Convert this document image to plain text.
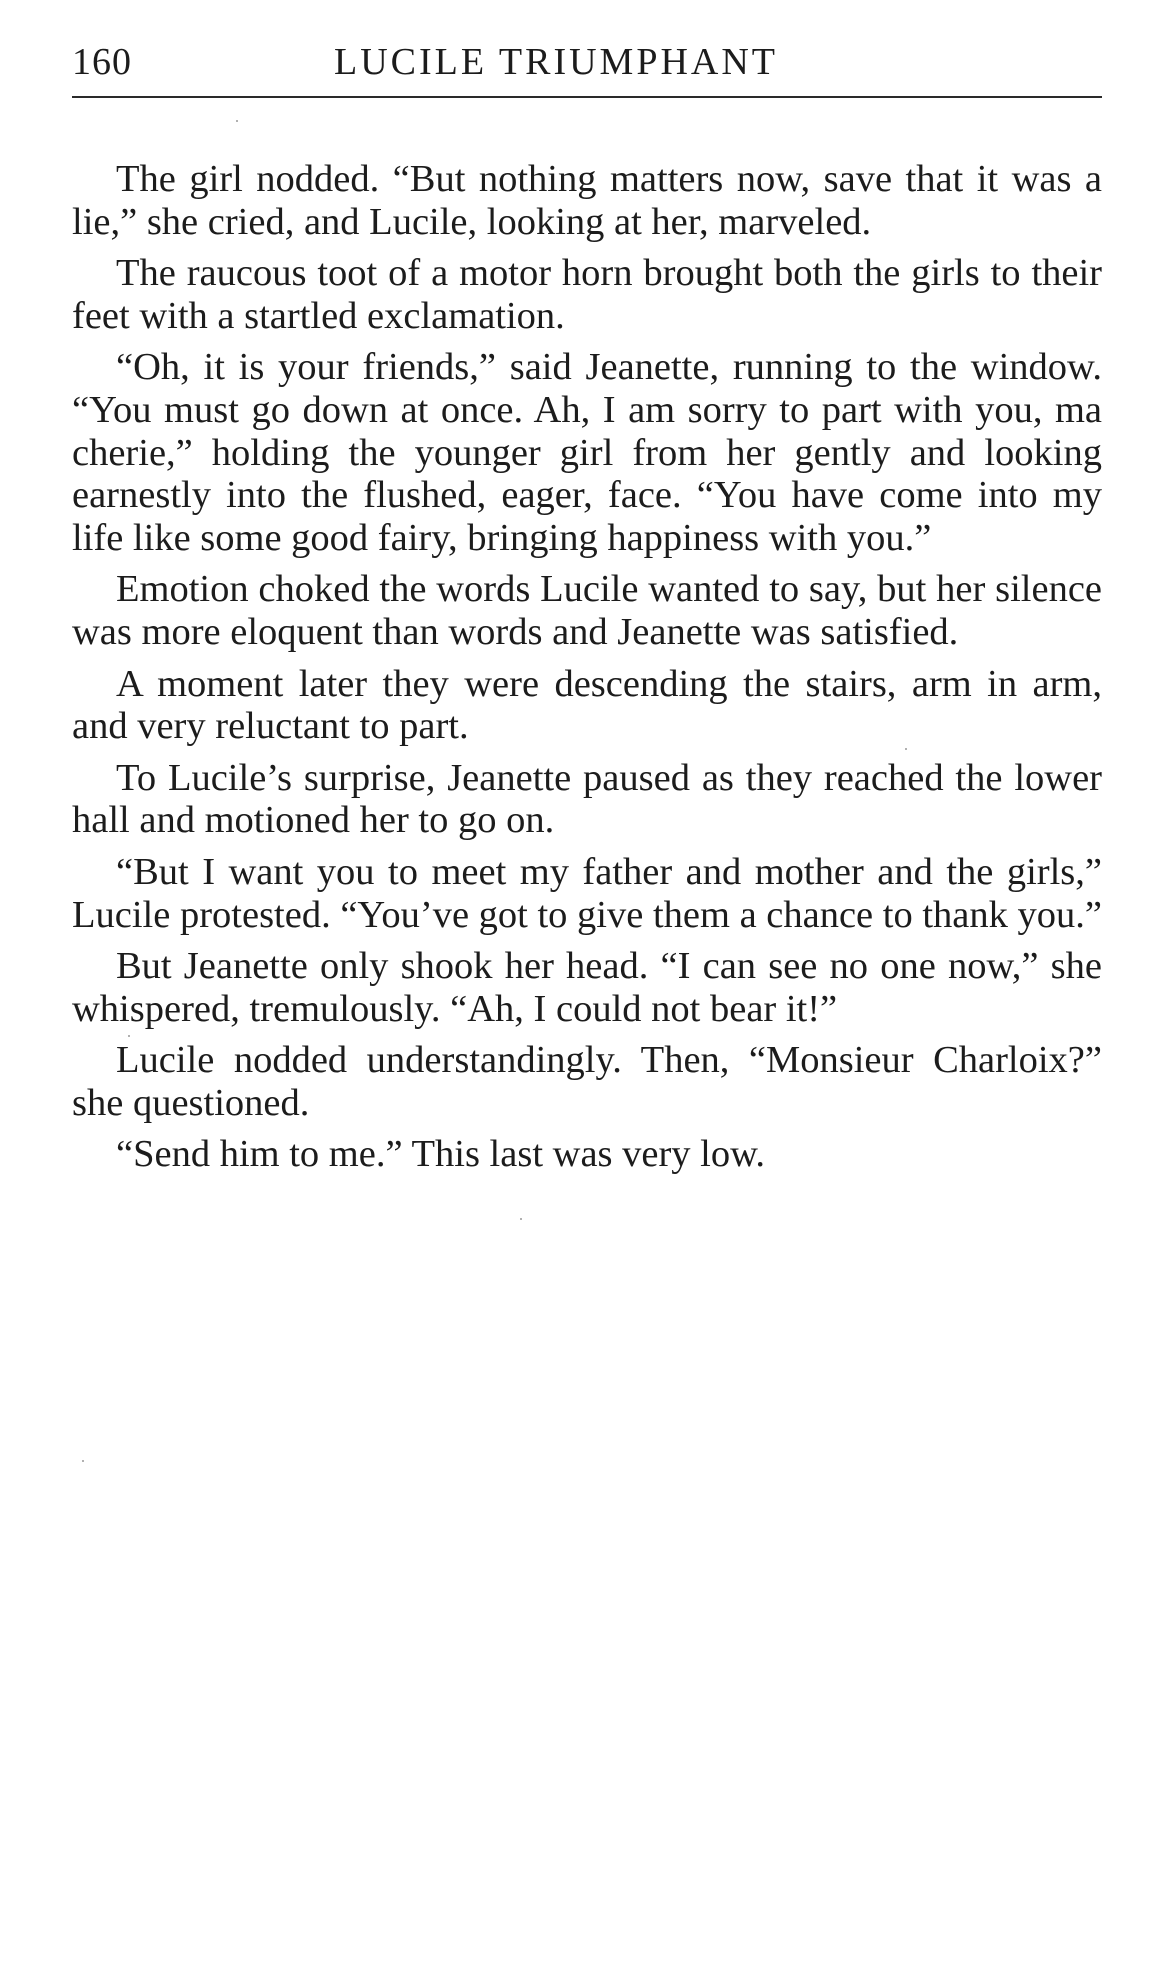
160	LUCILE TRIUMPHANT

The girl nodded. “But nothing matters now, save that it was a lie,” she cried, and Lucile, looking at her, marveled.

The raucous toot of a motor horn brought both the girls to their feet with a startled exclamation.

“Oh, it is your friends,” said Jeanette, running to the window. “You must go down at once. Ah, I am sorry to part with you, ma cherie,” holding the younger girl from her gently and looking earnestly into the flushed, eager, face. “You have come into my life like some good fairy, bringing happiness with you.”

Emotion choked the words Lucile wanted to say, but her silence was more eloquent than words and Jeanette was satisfied.

A moment later they were descending the stairs, arm in arm, and very reluctant to part.

To Lucile’s surprise, Jeanette paused as they reached the lower hall and motioned her to go on.

“But I want you to meet my father and mother and the girls,” Lucile protested. “You’ve got to give them a chance to thank you.”

But Jeanette only shook her head. “I can see no one now,” she whispered, tremulously. “Ah, I could not bear it!”

Lucile nodded understandingly. Then, “Monsieur Charloix?” she questioned.

“Send him to me.” This last was very low.
